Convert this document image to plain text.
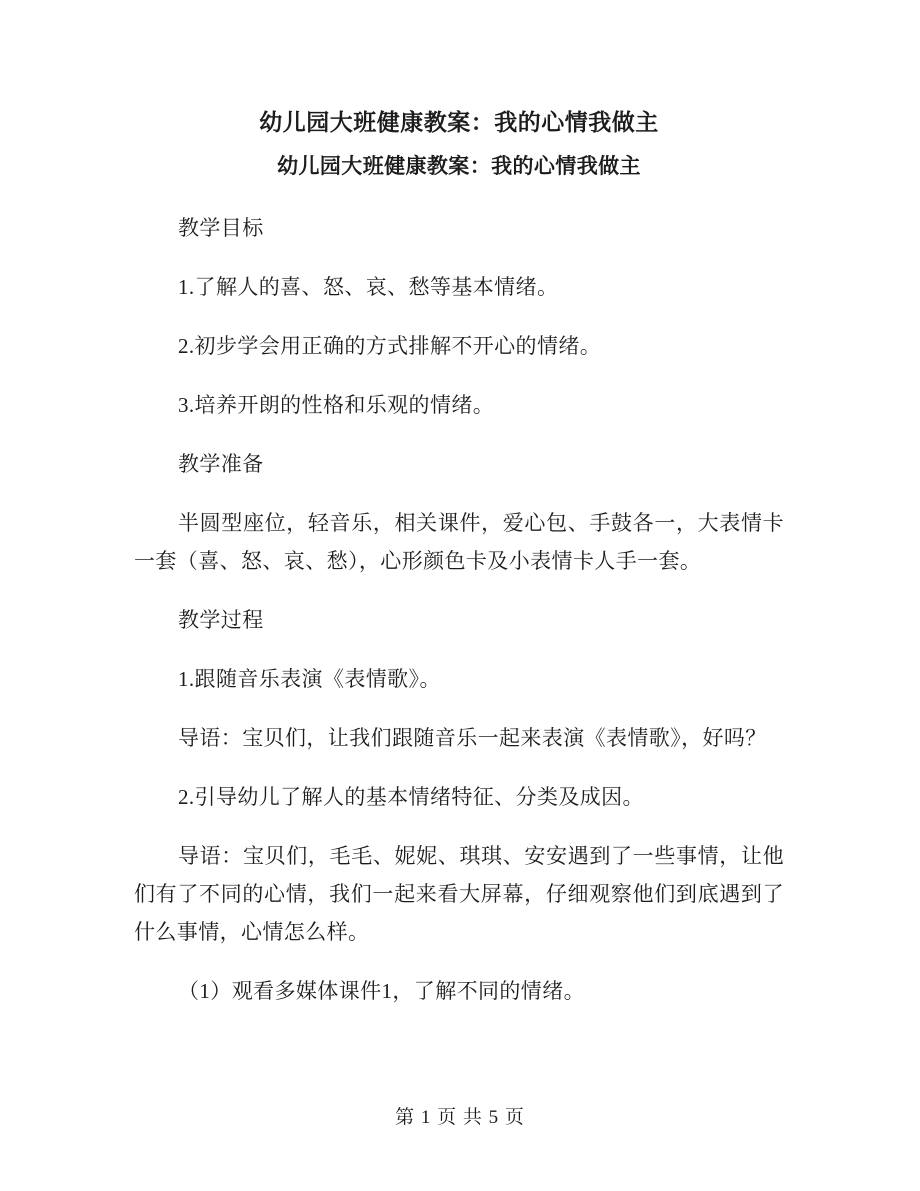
幼儿园大班健康教案：我的心情我做主
幼儿园大班健康教案：我的心情我做主

教学目标

1.了解人的喜、怒、哀、愁等基本情绪。

2.初步学会用正确的方式排解不开心的情绪。

3.培养开朗的性格和乐观的情绪。

教学准备

半圆型座位，轻音乐，相关课件，爱心包、手鼓各一，大表情卡一套（喜、怒、哀、愁），心形颜色卡及小表情卡人手一套。

教学过程

1.跟随音乐表演《表情歌》。

导语：宝贝们，让我们跟随音乐一起来表演《表情歌》，好吗？

2.引导幼儿了解人的基本情绪特征、分类及成因。

导语：宝贝们，毛毛、妮妮、琪琪、安安遇到了一些事情，让他们有了不同的心情，我们一起来看大屏幕，仔细观察他们到底遇到了什么事情，心情怎么样。

（1）观看多媒体课件1，了解不同的情绪。

第 1 页 共 5 页
